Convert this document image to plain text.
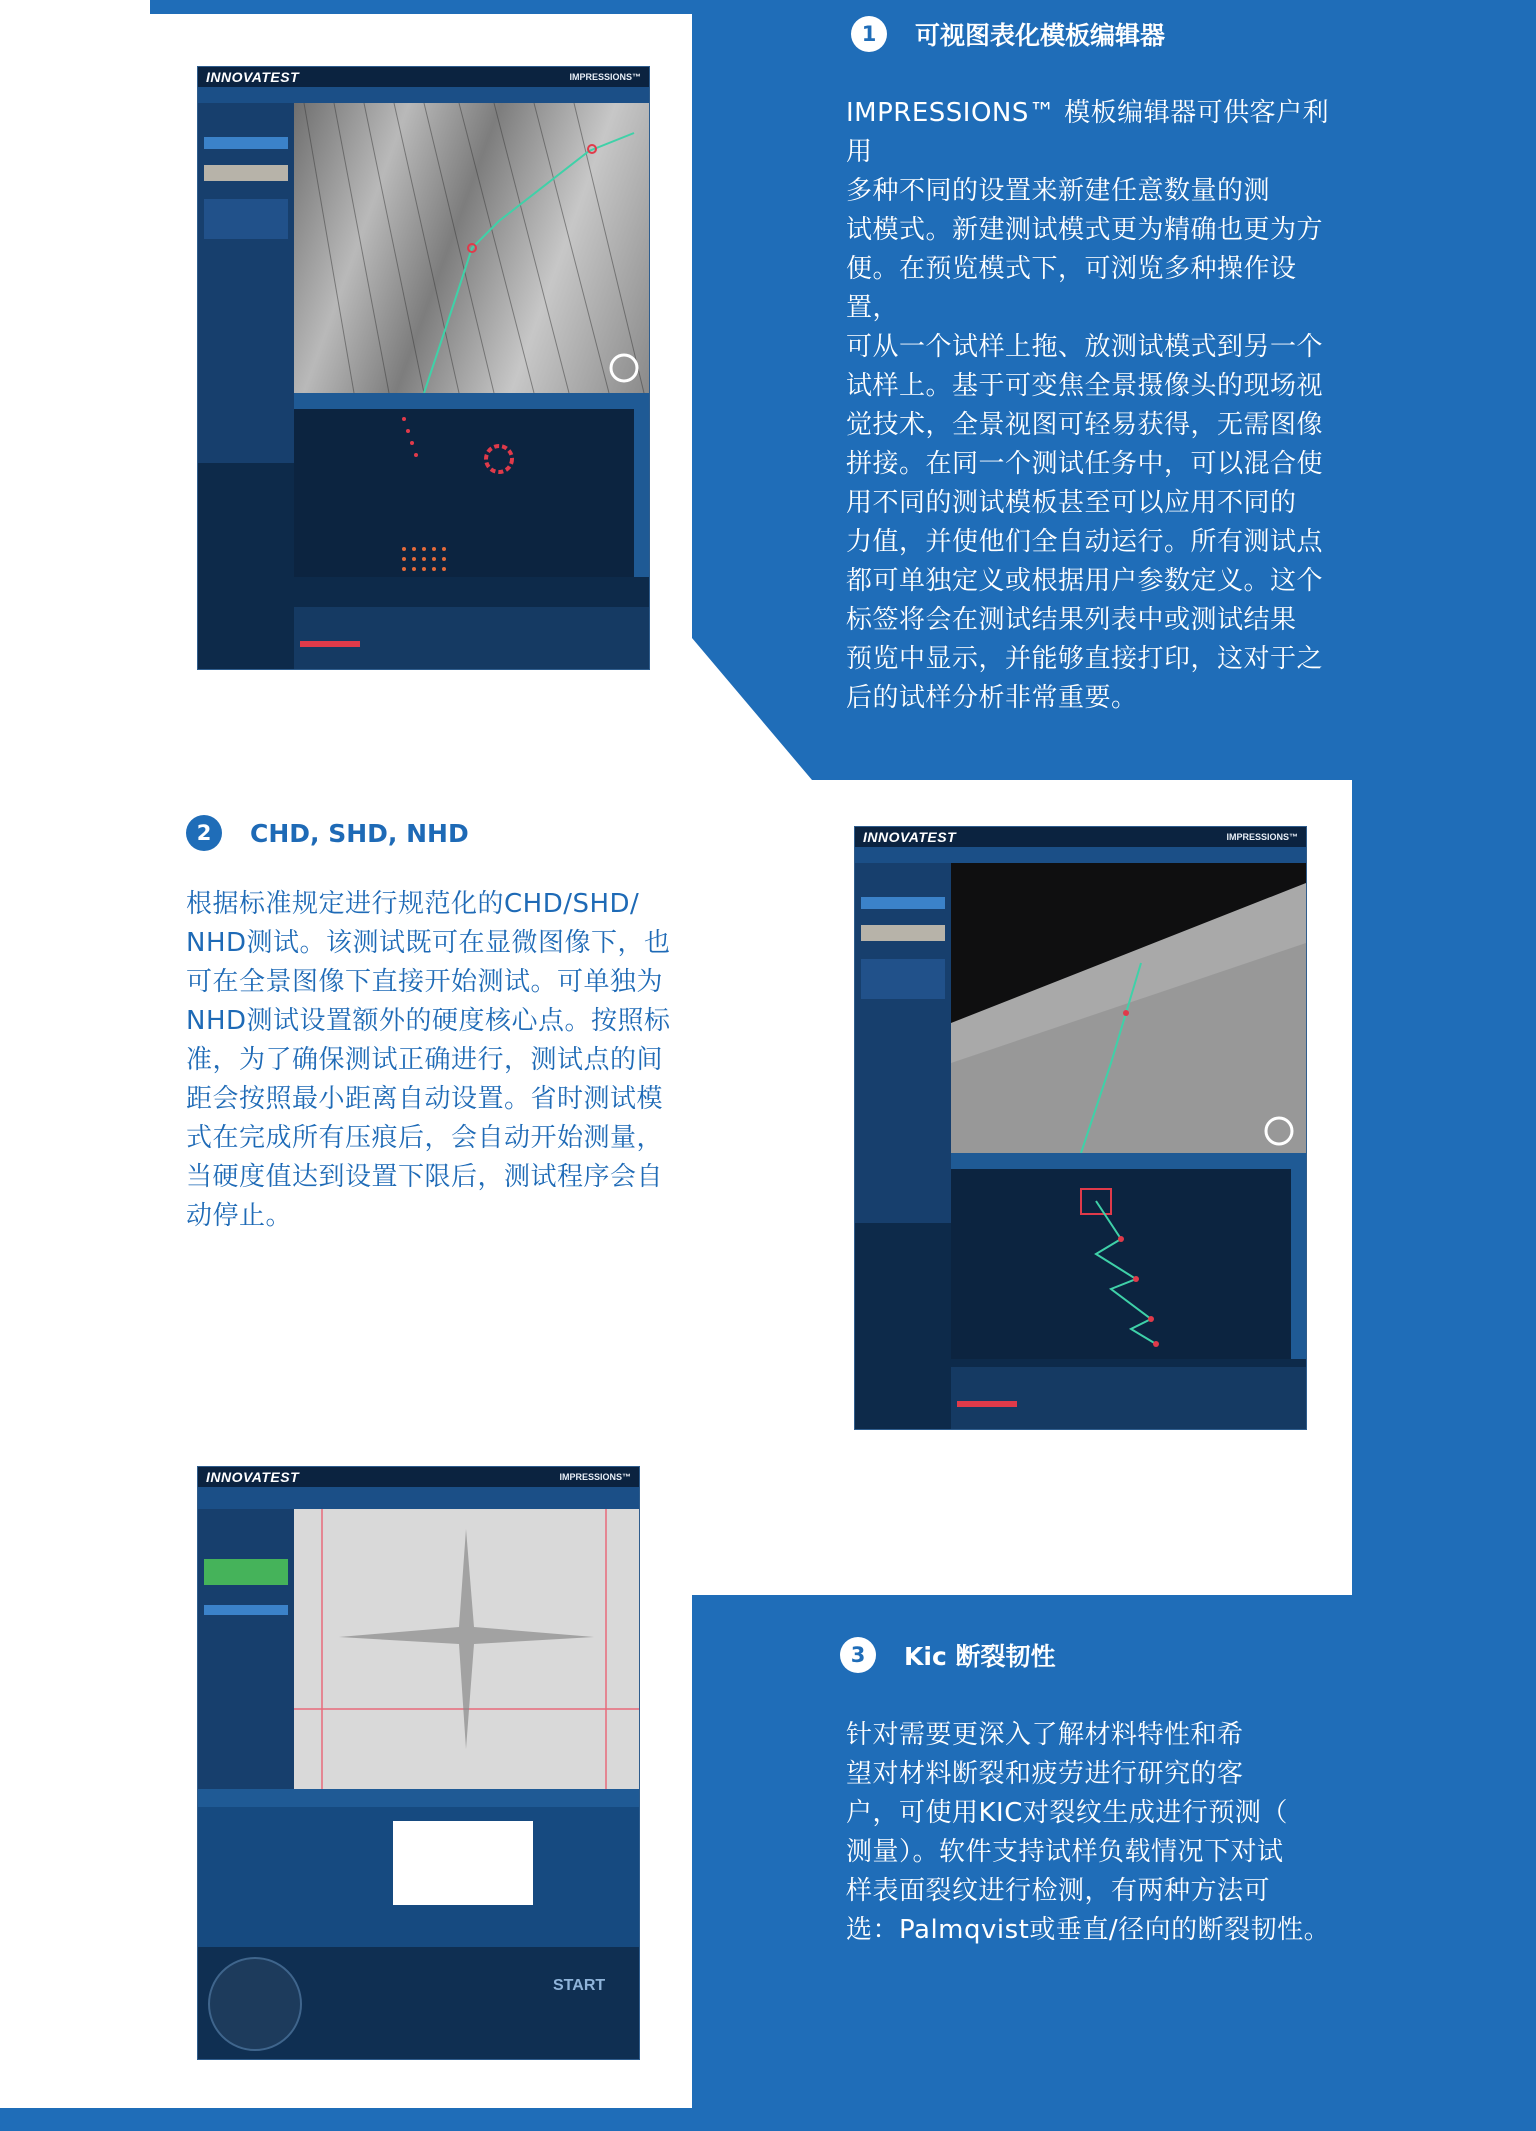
1	可视图表化模板编辑器
IMPRESSIONS™ 模板编辑器可供客户利用
多种不同的设置来新建任意数量的测
试模式。新建测试模式更为精确也更为方
便。在预览模式下，可浏览多种操作设置，
可从一个试样上拖、放测试模式到另一个
试样上。基于可变焦全景摄像头的现场视
觉技术，全景视图可轻易获得，无需图像
拼接。在同一个测试任务中，可以混合使
用不同的测试模板甚至可以应用不同的
力值，并使他们全自动运行。所有测试点
都可单独定义或根据用户参数定义。这个
标签将会在测试结果列表中或测试结果
预览中显示，并能够直接打印，这对于之
后的试样分析非常重要。
2	CHD, SHD, NHD
根据标准规定进行规范化的CHD/SHD/
NHD测试。该测试既可在显微图像下，也
可在全景图像下直接开始测试。可单独为
NHD测试设置额外的硬度核心点。按照标
准，为了确保测试正确进行，测试点的间
距会按照最小距离自动设置。省时测试模
式在完成所有压痕后，会自动开始测量，
当硬度值达到设置下限后，测试程序会自
动停止。
3	Kic 断裂韧性
针对需要更深入了解材料特性和希
望对材料断裂和疲劳进行研究的客
户，可使用KIC对裂纹生成进行预测（
测量）。软件支持试样负载情况下对试
样表面裂纹进行检测，有两种方法可
选：Palmqvist或垂直/径向的断裂韧性。
INNOVATEST	IMPRESSIONS™
INNOVATEST	IMPRESSIONS™
INNOVATEST	IMPRESSIONS™
START
